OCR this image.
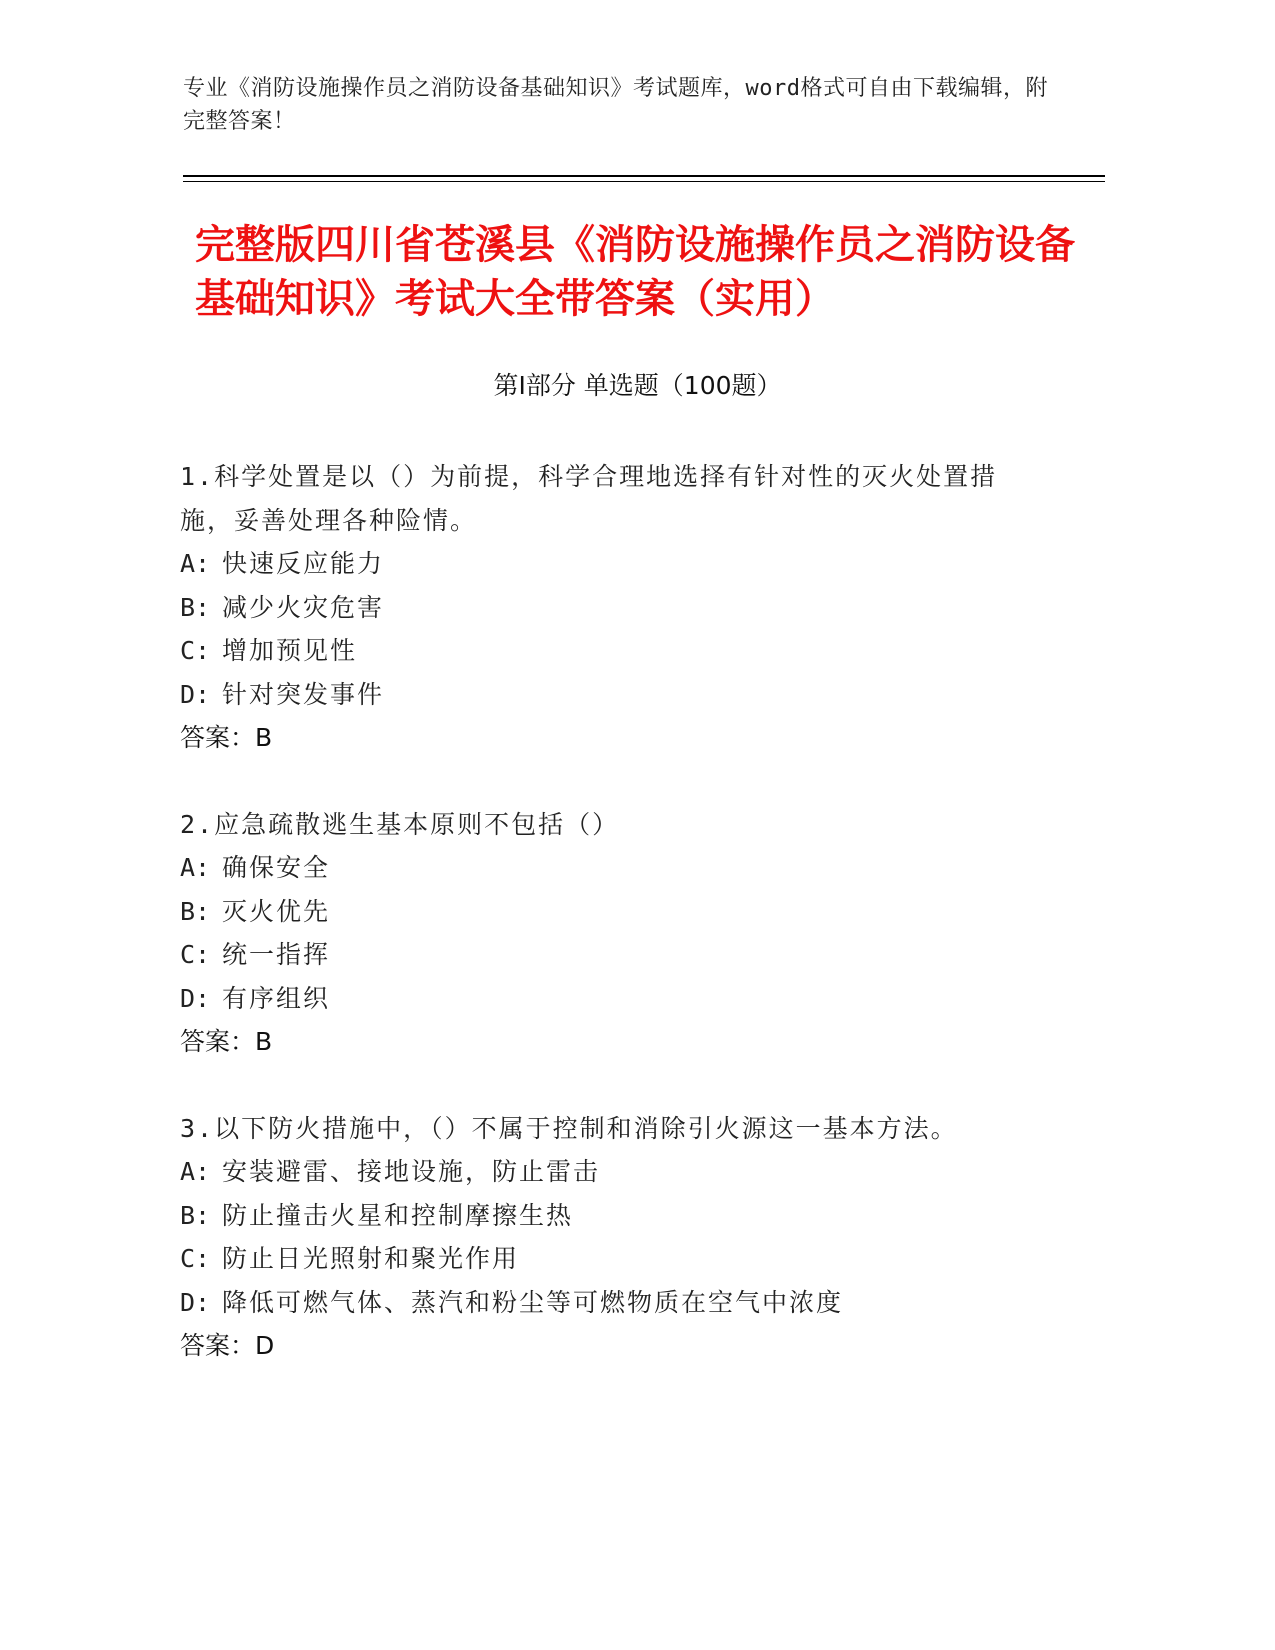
专业《消防设施操作员之消防设备基础知识》考试题库，word格式可自由下载编辑，附完整答案！
完整版四川省苍溪县《消防设施操作员之消防设备基础知识》考试大全带答案（实用）
第Ⅰ部分 单选题（100题）
1.科学处置是以（）为前提，科学合理地选择有针对性的灭火处置措施，妥善处理各种险情。
A: 快速反应能力
B: 减少火灾危害
C: 增加预见性
D: 针对突发事件
答案：B
2.应急疏散逃生基本原则不包括（）
A: 确保安全
B: 灭火优先
C: 统一指挥
D: 有序组织
答案：B
3.以下防火措施中，（）不属于控制和消除引火源这一基本方法。
A: 安装避雷、接地设施，防止雷击
B: 防止撞击火星和控制摩擦生热
C: 防止日光照射和聚光作用
D: 降低可燃气体、蒸汽和粉尘等可燃物质在空气中浓度
答案：D
